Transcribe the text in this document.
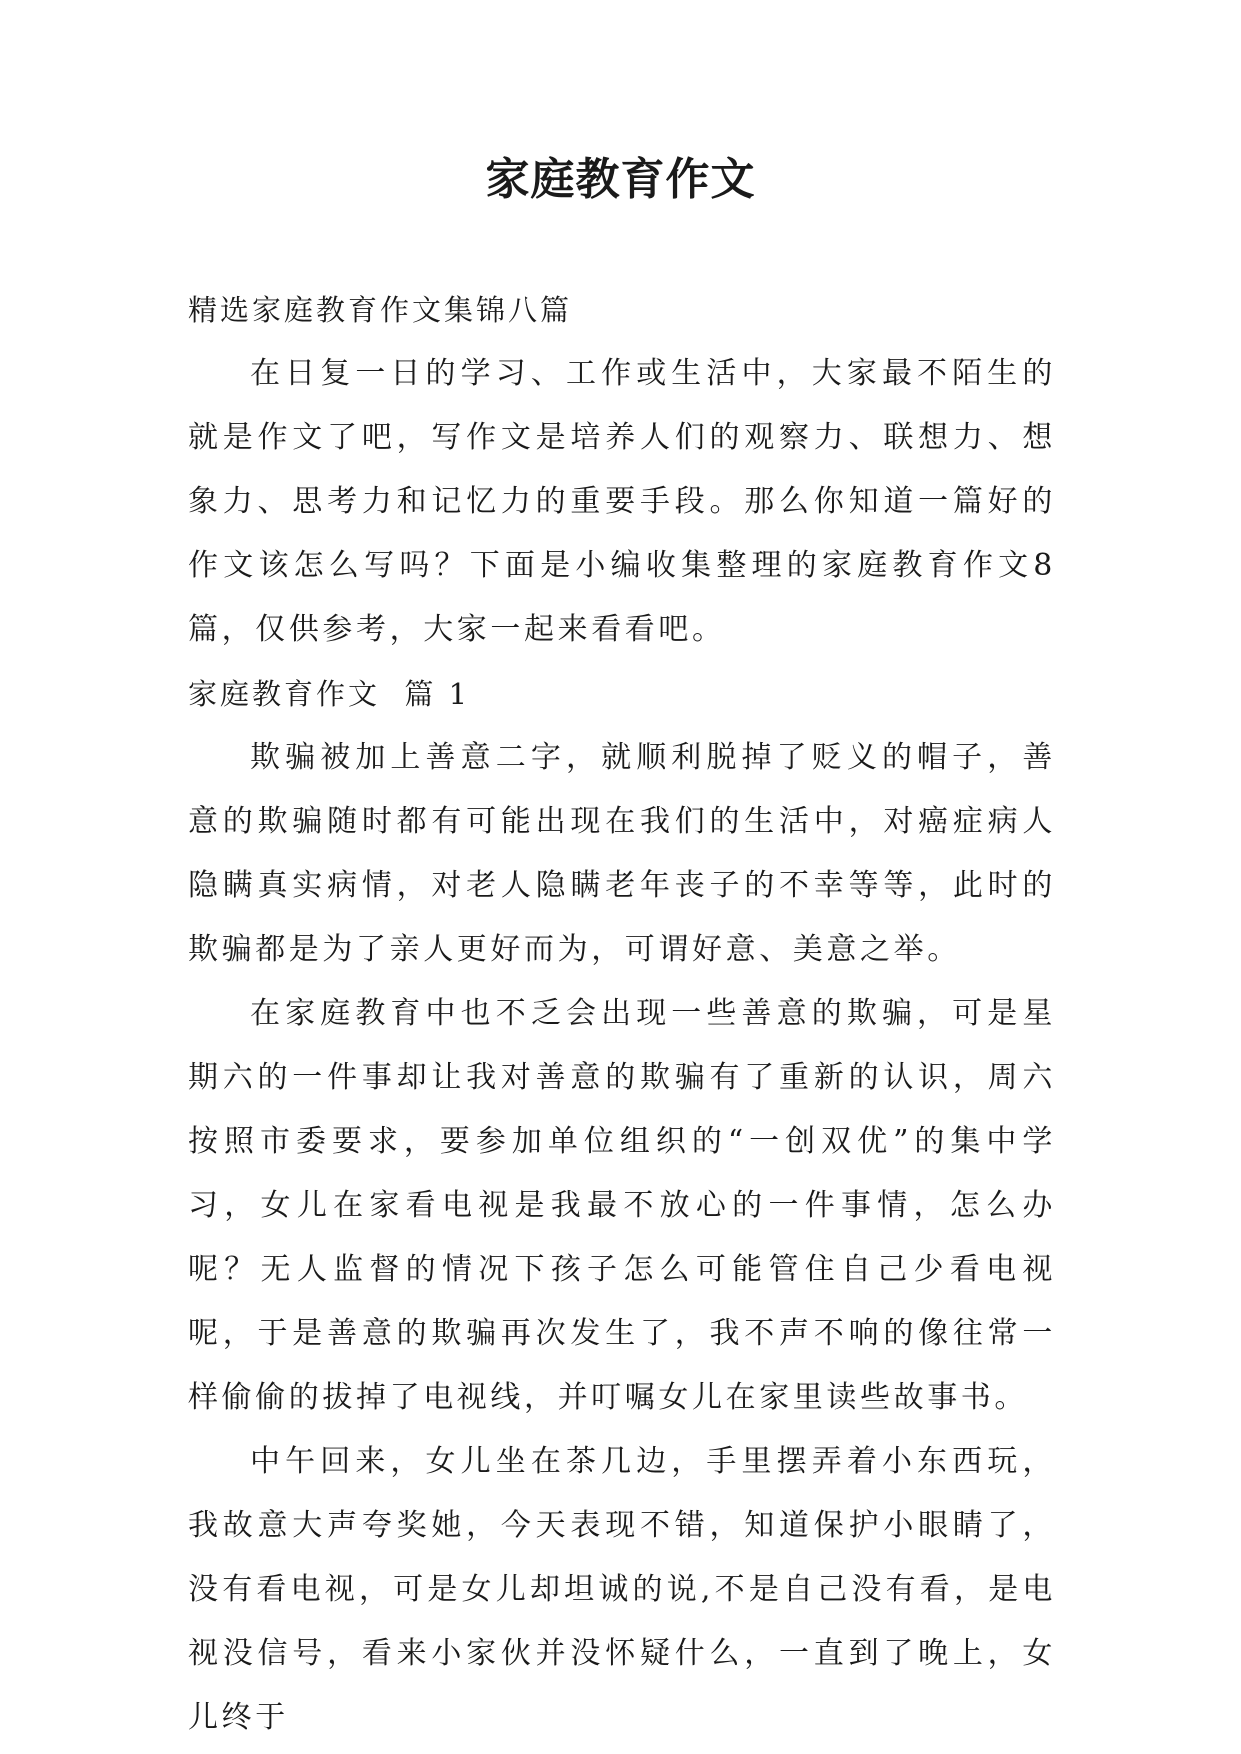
家庭教育作文

精选家庭教育作文集锦八篇

在日复一日的学习、工作或生活中，大家最不陌生的就是作文了吧，写作文是培养人们的观察力、联想力、想象力、思考力和记忆力的重要手段。那么你知道一篇好的作文该怎么写吗？下面是小编收集整理的家庭教育作文8篇，仅供参考，大家一起来看看吧。

家庭教育作文  篇 1

欺骗被加上善意二字，就顺利脱掉了贬义的帽子，善意的欺骗随时都有可能出现在我们的生活中，对癌症病人隐瞒真实病情，对老人隐瞒老年丧子的不幸等等，此时的欺骗都是为了亲人更好而为，可谓好意、美意之举。

在家庭教育中也不乏会出现一些善意的欺骗，可是星期六的一件事却让我对善意的欺骗有了重新的认识，周六按照市委要求，要参加单位组织的“一创双优”的集中学习，女儿在家看电视是我最不放心的一件事情，怎么办呢？无人监督的情况下孩子怎么可能管住自己少看电视呢，于是善意的欺骗再次发生了，我不声不响的像往常一样偷偷的拔掉了电视线，并叮嘱女儿在家里读些故事书。

中午回来，女儿坐在茶几边，手里摆弄着小东西玩，我故意大声夸奖她，今天表现不错，知道保护小眼睛了，没有看电视，可是女儿却坦诚的说,不是自己没有看，是电视没信号，看来小家伙并没怀疑什么，一直到了晚上，女儿终于
